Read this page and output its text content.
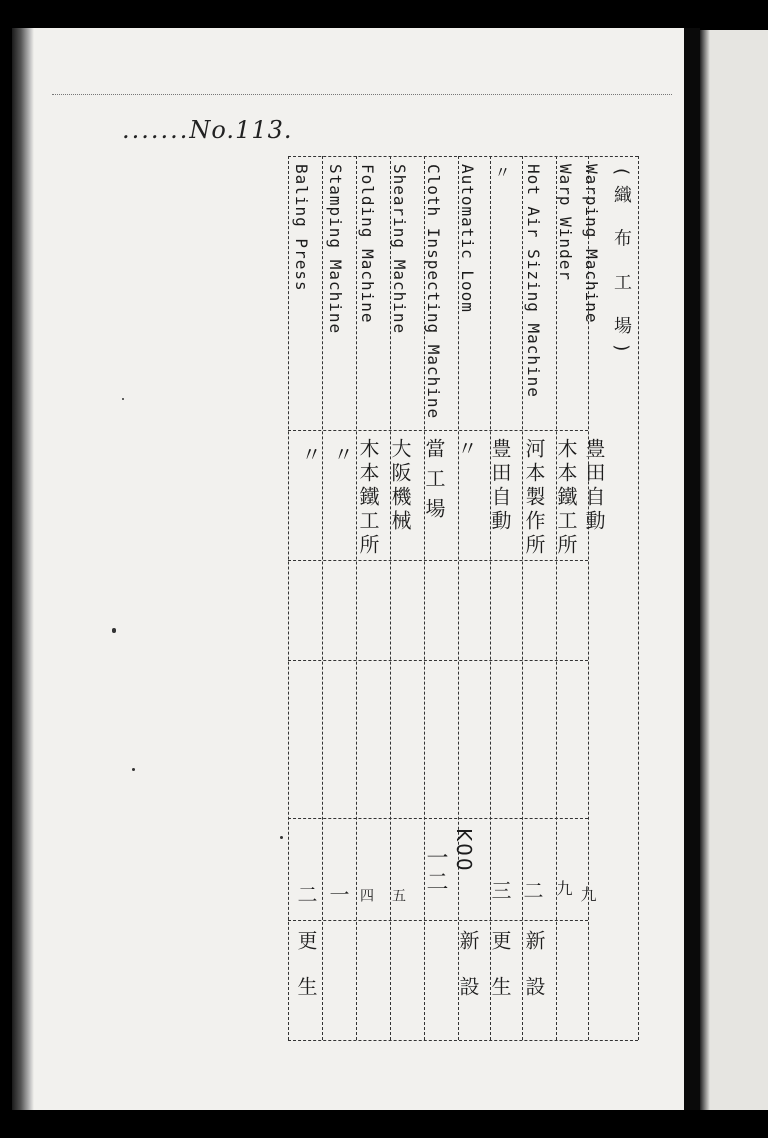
.......No.113.
(織 布 工 場)
Warping Machine
豊田自動
九
Warp Winder
木本鐵工所
九
Hot Air Sizing Machine
河本製作所
二
新設
〃
豊田自動
三
更生
Automatic Loom
〃
K00
新設
Cloth Inspecting Machine
當工場
一二
Shearing Machine
大阪機械
五
Folding Machine
木本鐵工所
四
Stamping Machine
〃
一
Baling Press
〃
二
更生
